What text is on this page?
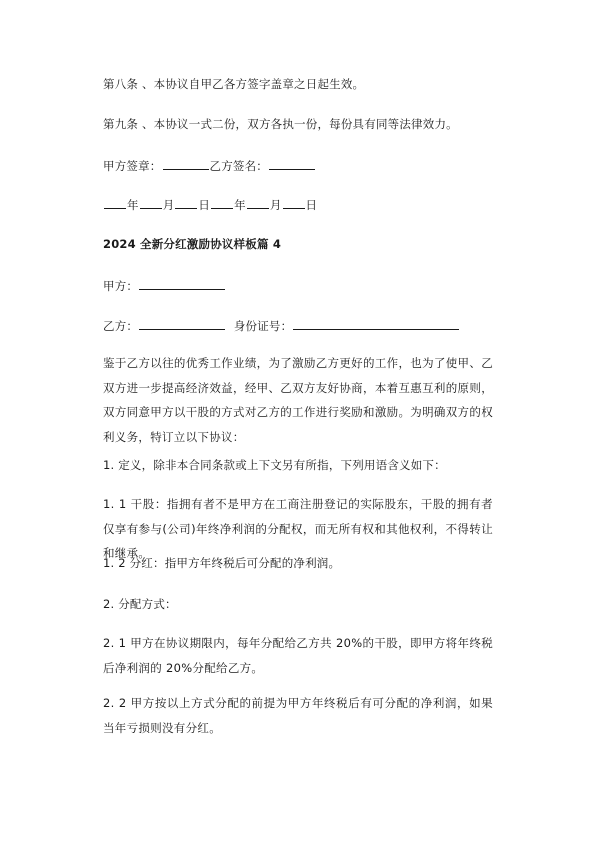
第八条 、本协议自甲乙各方签字盖章之日起生效。
第九条 、本协议一式二份，双方各执一份，每份具有同等法律效力。
甲方签章：	乙方签名：
年 月 日 年 月 日
2024 全新分红激励协议样板篇 4
甲方：
乙方：	身份证号：
鉴于乙方以往的优秀工作业绩，为了激励乙方更好的工作，也为了使甲、乙双方进一步提高经济效益，经甲、乙双方友好协商，本着互惠互利的原则，双方同意甲方以干股的方式对乙方的工作进行奖励和激励。为明确双方的权利义务，特订立以下协议：
1. 定义，除非本合同条款或上下文另有所指，下列用语含义如下：
1. 1 干股：指拥有者不是甲方在工商注册登记的实际股东，干股的拥有者仅享有参与(公司)年终净利润的分配权，而无所有权和其他权利，不得转让和继承。
1. 2 分红：指甲方年终税后可分配的净利润。
2. 分配方式：
2. 1 甲方在协议期限内，每年分配给乙方共 20%的干股，即甲方将年终税后净利润的 20%分配给乙方。
2. 2 甲方按以上方式分配的前提为甲方年终税后有可分配的净利润，如果当年亏损则没有分红。
